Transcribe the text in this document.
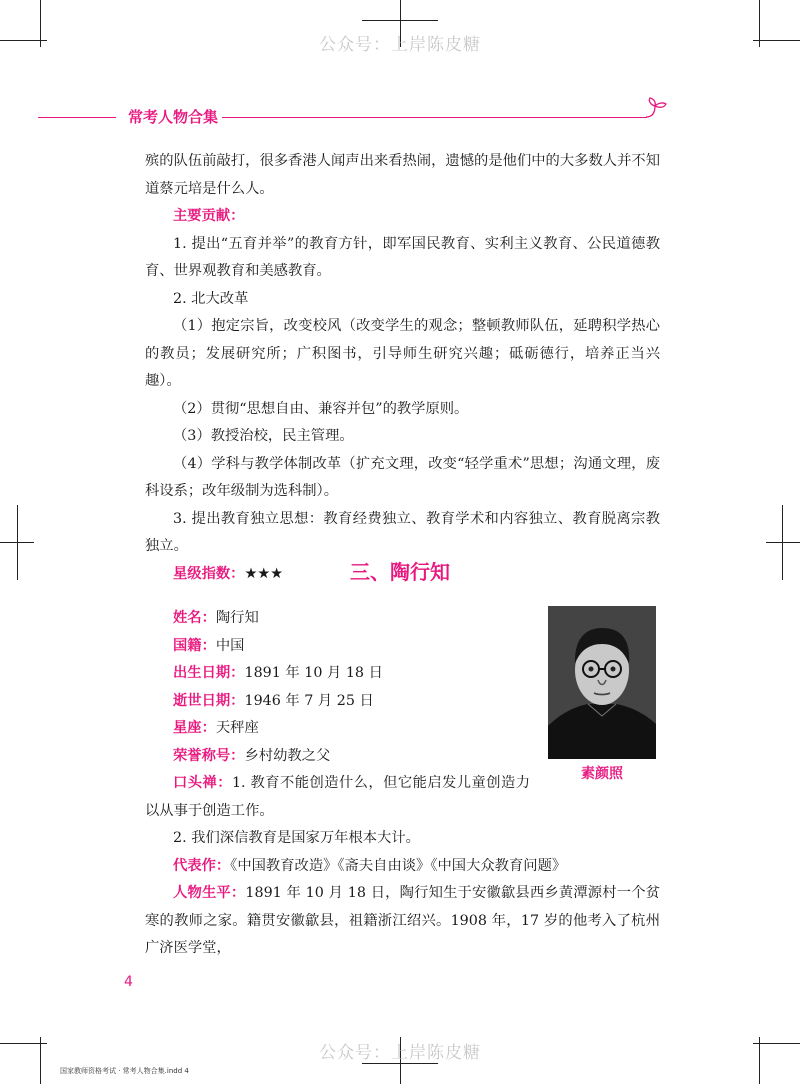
公众号：上岸陈皮糖
公众号：上岸陈皮糖
常考人物合集

殡的队伍前敲打，很多香港人闻声出来看热闹，遗憾的是他们中的大多数人并不知道蔡元培是什么人。

主要贡献：

1. 提出“五育并举”的教育方针，即军国民教育、实利主义教育、公民道德教育、世界观教育和美感教育。

2. 北大改革

（1）抱定宗旨，改变校风（改变学生的观念；整顿教师队伍，延聘积学热心的教员；发展研究所；广积图书，引导师生研究兴趣；砥砺德行，培养正当兴趣）。

（2）贯彻“思想自由、兼容并包”的教学原则。

（3）教授治校，民主管理。

（4）学科与教学体制改革（扩充文理，改变“轻学重术”思想；沟通文理，废科设系；改年级制为选科制）。

3. 提出教育独立思想：教育经费独立、教育学术和内容独立、教育脱离宗教独立。

星级指数：★★★	三、陶行知

姓名：陶行知

国籍：中国

出生日期：1891 年 10 月 18 日

逝世日期：1946 年 7 月 25 日

星座：天秤座

荣誉称号：乡村幼教之父

素颜照

口头禅：1. 教育不能创造什么，但它能启发儿童创造力以从事于创造工作。

2. 我们深信教育是国家万年根本大计。

代表作：《中国教育改造》《斋夫自由谈》《中国大众教育问题》

人物生平：1891 年 10 月 18 日，陶行知生于安徽歙县西乡黄潭源村一个贫寒的教师之家。籍贯安徽歙县，祖籍浙江绍兴。1908 年，17 岁的他考入了杭州广济医学堂，

4
国家教师资格考试 · 常考人物合集.indd 4
